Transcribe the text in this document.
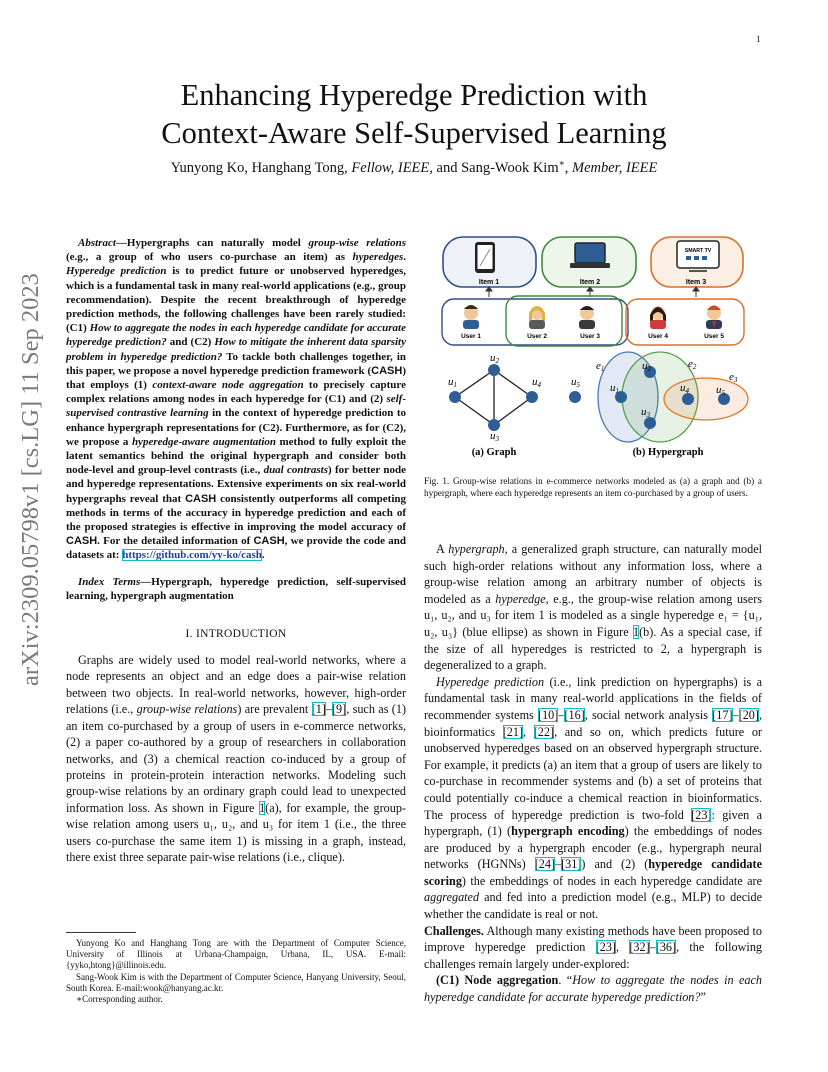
1
arXiv:2309.05798v1 [cs.LG] 11 Sep 2023
Enhancing Hyperedge Prediction with
Context-Aware Self-Supervised Learning
Yunyong Ko, Hanghang Tong, Fellow, IEEE, and Sang-Wook Kim∗, Member, IEEE

Abstract—Hypergraphs can naturally model group-wise relations (e.g., a group of who users co-purchase an item) as hyperedges. Hyperedge prediction is to predict future or unobserved hyperedges, which is a fundamental task in many real-world applications (e.g., group recommendation). Despite the recent breakthrough of hyperedge prediction methods, the following challenges have been rarely studied: (C1) How to aggregate the nodes in each hyperedge candidate for accurate hyperedge prediction? and (C2) How to mitigate the inherent data sparsity problem in hyperedge prediction? To tackle both challenges together, in this paper, we propose a novel hyperedge prediction framework (CASH) that employs (1) context-aware node aggregation to precisely capture complex relations among nodes in each hyperedge for (C1) and (2) self-supervised contrastive learning in the context of hyperedge prediction to enhance hypergraph representations for (C2). Furthermore, as for (C2), we propose a hyperedge-aware augmentation method to fully exploit the latent semantics behind the original hypergraph and consider both node-level and group-level contrasts (i.e., dual contrasts) for better node and hyperedge representations. Extensive experiments on six real-world hypergraphs reveal that CASH consistently outperforms all competing methods in terms of the accuracy in hyperedge prediction and each of the proposed strategies is effective in improving the model accuracy of CASH. For the detailed information of CASH, we provide the code and datasets at: https://github.com/yy-ko/cash.

Index Terms—Hypergraph, hyperedge prediction, self-supervised learning, hypergraph augmentation

I. INTRODUCTION

Graphs are widely used to model real-world networks, where a node represents an object and an edge does a pair-wise relation between two objects. In real-world networks, however, high-order relations (i.e., group-wise relations) are prevalent [1]–[9], such as (1) an item co-purchased by a group of users in e-commerce networks, (2) a paper co-authored by a group of researchers in collaboration networks, and (3) a chemical reaction co-induced by a group of proteins in protein-protein interaction networks. Modeling such group-wise relations by an ordinary graph could lead to unexpected information loss. As shown in Figure 1(a), for example, the group-wise relation among users u₁, u₂, and u₃ for item 1 (i.e., the three users co-purchase the same item 1) is missing in a graph, instead, there exist three separate pair-wise relations (i.e., clique).

Yunyong Ko and Hanghang Tong are with the Department of Computer Science, University of Illinois at Urbana-Champaign, Urbana, IL, USA. E-mail: {yyko,htong}@illinois.edu.

Sang-Wook Kim is with the Department of Computer Science, Hanyang University, Seoul, South Korea. E-mail:wook@hanyang.ac.kr.

∗Corresponding author.

SMART TV
Item 1	Item 2	Item 3
User 1	User 2	User 3	User 4	User 5
u1
u2
u3
u4	u5
(a) Graph
e1	e2
e3
u1
u2
u3
u4 u5
(b) Hypergraph
Fig. 1. Group-wise relations in e-commerce networks modeled as (a) a graph and (b) a hypergraph, where each hyperedge represents an item co-purchased by a group of users.

A hypergraph, a generalized graph structure, can naturally model such high-order relations without any information loss, where a group-wise relation among an arbitrary number of objects is modeled as a hyperedge, e.g., the group-wise relation among users u₁, u₂, and u₃ for item 1 is modeled as a single hyperedge e₁ = {u₁, u₂, u₃} (blue ellipse) as shown in Figure 1(b). As a special case, if the size of all hyperedges is restricted to 2, a hypergraph is degeneralized to a graph.

Hyperedge prediction (i.e., link prediction on hypergraphs) is a fundamental task in many real-world applications in the fields of recommender systems [10]–[16], social network analysis [17]–[20], bioinformatics [21], [22], and so on, which predicts future or unobserved hyperedges based on an observed hypergraph structure. For example, it predicts (a) an item that a group of users are likely to co-purchase in recommender systems and (b) a set of proteins that could potentially co-induce a chemical reaction in bioinformatics. The process of hyperedge prediction is two-fold [23]: given a hypergraph, (1) (hypergraph encoding) the embeddings of nodes are produced by a hypergraph encoder (e.g., hypergraph neural networks (HGNNs) [24]–[31]) and (2) (hyperedge candidate scoring) the embeddings of nodes in each hyperedge candidate are aggregated and fed into a prediction model (e.g., MLP) to decide whether the candidate is real or not.

Challenges. Although many existing methods have been proposed to improve hyperedge prediction [23], [32]–[36], the following challenges remain largely under-explored:

(C1) Node aggregation. “How to aggregate the nodes in each hyperedge candidate for accurate hyperedge prediction?”
